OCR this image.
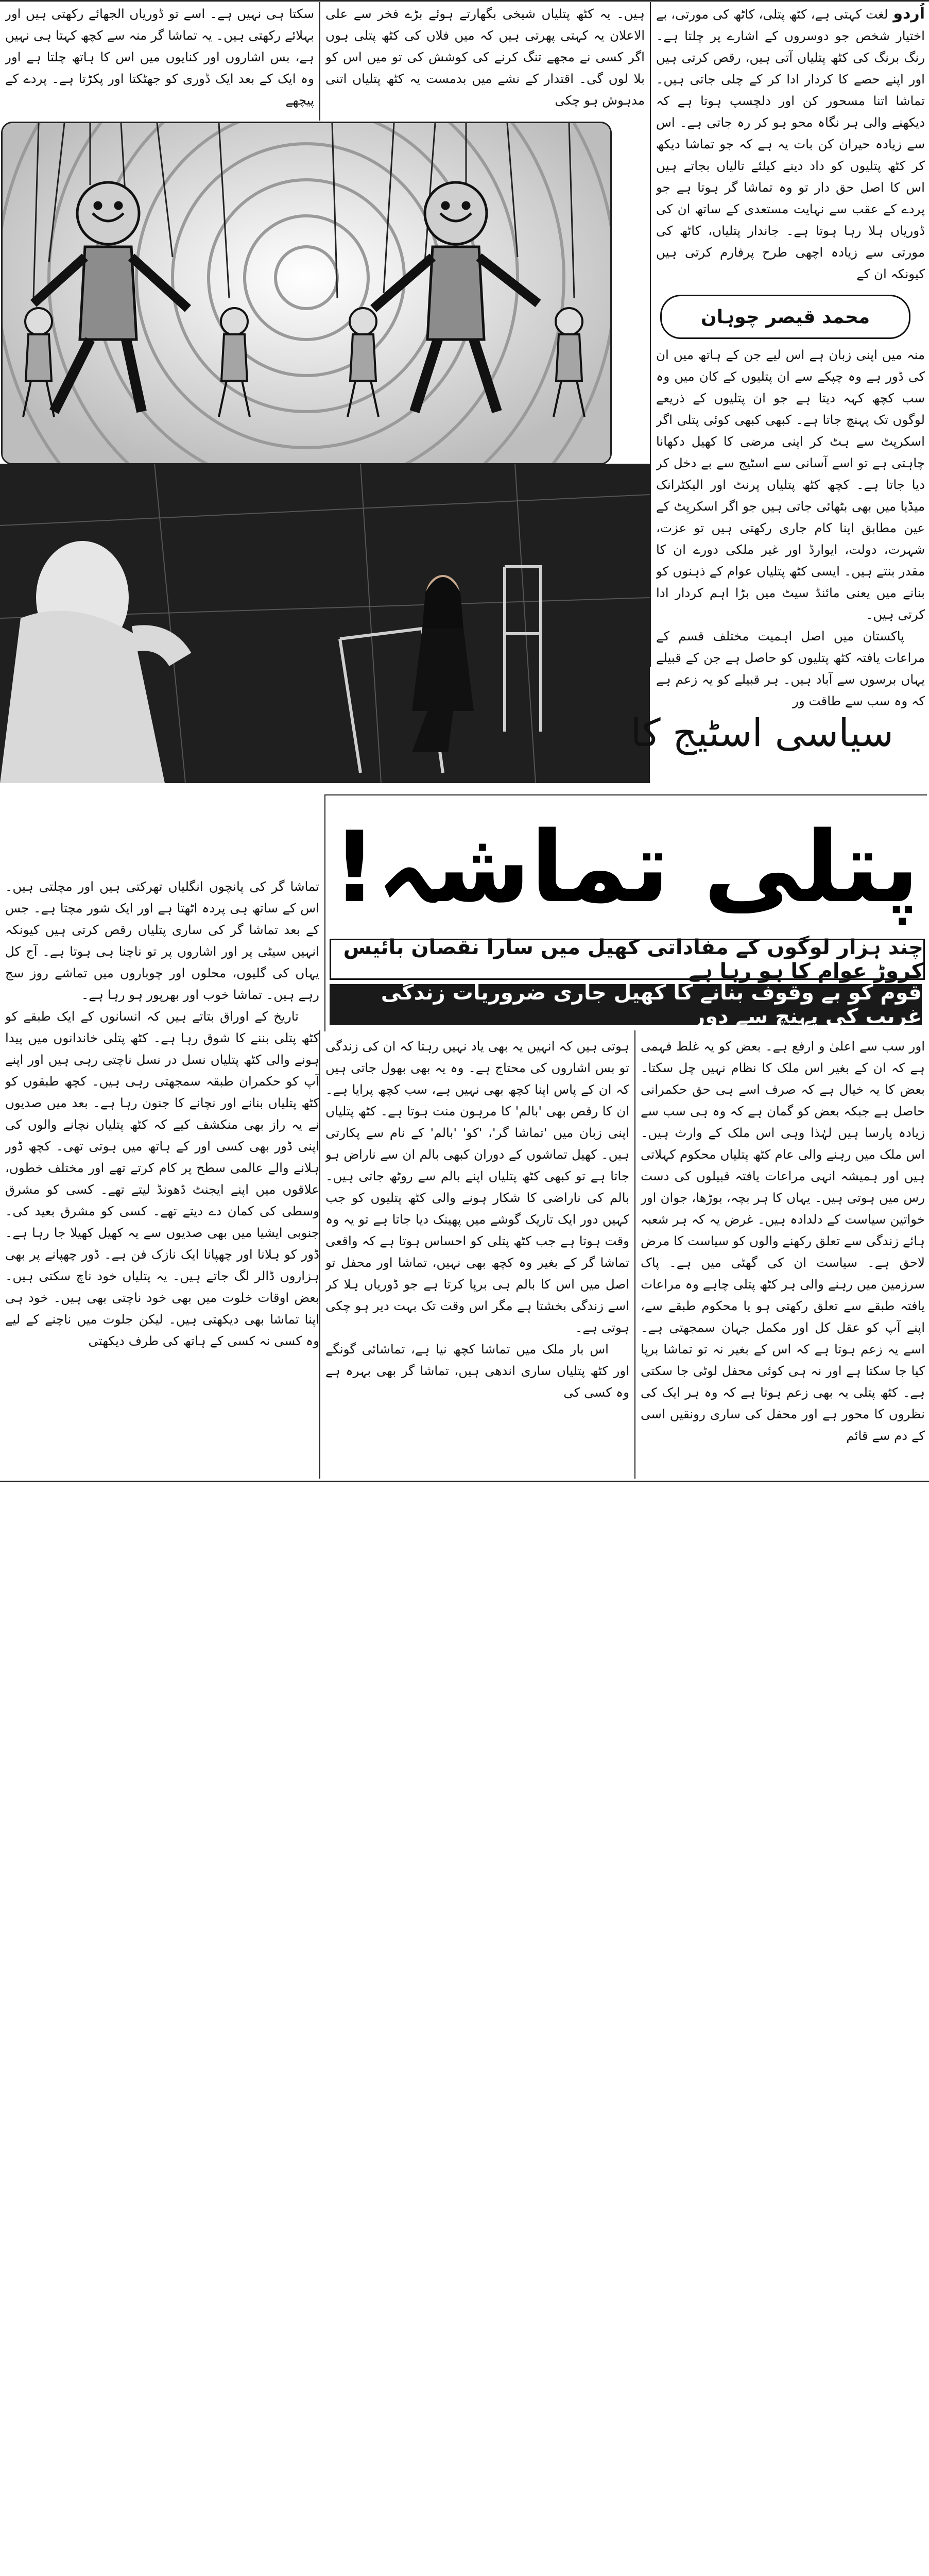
سکتا ہی نہیں ہے۔ اسے تو ڈوریاں الجھائے رکھتی ہیں اور بہلائے رکھتی ہیں۔ یہ تماشا گر منہ سے کچھ کہتا ہی نہیں ہے، بس اشاروں اور کنایوں میں اس کا ہاتھ چلتا ہے اور وہ ایک کے بعد ایک ڈوری کو جھٹکتا اور پکڑتا ہے۔ پردے کے پیچھے

ہیں۔ یہ کٹھ پتلیاں شیخی بگھارتے ہوئے بڑے فخر سے علی الاعلان یہ کہتی پھرتی ہیں کہ میں فلاں کی کٹھ پتلی ہوں اگر کسی نے مجھے تنگ کرنے کی کوشش کی تو میں اس کو بلا لوں گی۔ اقتدار کے نشے میں بدمست یہ کٹھ پتلیاں اتنی مدہوش ہو چکی

اُردولغت کہتی ہے، کٹھ پتلی، کاٹھ کی مورتی، بے اختیار شخص جو دوسروں کے اشارے پر چلتا ہے۔ رنگ برنگ کی کٹھ پتلیاں آتی ہیں، رقص کرتی ہیں اور اپنے حصے کا کردار ادا کر کے چلی جاتی ہیں۔ تماشا اتنا مسحور کن اور دلچسپ ہوتا ہے کہ دیکھنے والی ہر نگاہ محو ہو کر رہ جاتی ہے۔ اس سے زیادہ حیران کن بات یہ ہے کہ جو تماشا دیکھ کر کٹھ پتلیوں کو داد دینے کیلئے تالیاں بجاتے ہیں اس کا اصل حق دار تو وہ تماشا گر ہوتا ہے جو پردے کے عقب سے نہایت مستعدی کے ساتھ ان کی ڈوریاں ہلا رہا ہوتا ہے۔ جاندار پتلیاں، کاٹھ کی مورتی سے زیادہ اچھی طرح پرفارم کرتی ہیں کیونکہ ان کے

محمد قیصر چوہان

منہ میں اپنی زبان ہے اس لیے جن کے ہاتھ میں ان کی ڈور ہے وہ چپکے سے ان پتلیوں کے کان میں وہ سب کچھ کہہ دیتا ہے جو ان پتلیوں کے ذریعے لوگوں تک پہنچ جاتا ہے۔ کبھی کبھی کوئی پتلی اگر اسکرپٹ سے ہٹ کر اپنی مرضی کا کھیل دکھانا چاہتی ہے تو اسے آسانی سے اسٹیج سے بے دخل کر دیا جاتا ہے۔ کچھ کٹھ پتلیاں پرنٹ اور الیکٹرانک میڈیا میں بھی بٹھائی جاتی ہیں جو اگر اسکرپٹ کے عین مطابق اپنا کام جاری رکھتی ہیں تو عزت، شہرت، دولت، ایوارڈ اور غیر ملکی دورے ان کا مقدر بنتے ہیں۔ ایسی کٹھ پتلیاں عوام کے ذہنوں کو بنانے میں یعنی مائنڈ سیٹ میں بڑا اہم کردار ادا کرتی ہیں۔

پاکستان میں اصل اہمیت مختلف قسم کے مراعات یافتہ کٹھ پتلیوں کو حاصل ہے جن کے قبیلے یہاں برسوں سے آباد ہیں۔ ہر قبیلے کو یہ زعم ہے کہ وہ سب سے طاقت ور

سیاسی اسٹیج کا
پتلی تماشہ!
چند ہزار لوگوں کے مفاداتی کھیل میں سارا نقصان بائیس کروڑ عوام کا ہو رہا ہے
قوم کو بے وقوف بنانے کا کھیل جاری ضروریات زندگی غریب کی پہنچ سے دور

تماشا گر کی پانچوں انگلیاں تھرکتی ہیں اور مچلتی ہیں۔ اس کے ساتھ ہی پردہ اٹھتا ہے اور ایک شور مچتا ہے۔ جس کے بعد تماشا گر کی ساری پتلیاں رقص کرتی ہیں کیونکہ انہیں سیٹی پر اور اشاروں پر تو ناچنا ہی ہوتا ہے۔ آج کل یہاں کی گلیوں، محلوں اور چوباروں میں تماشے روز سج رہے ہیں۔ تماشا خوب اور بھرپور ہو رہا ہے۔

تاریخ کے اوراق بتاتے ہیں کہ انسانوں کے ایک طبقے کو کٹھ پتلی بننے کا شوق رہا ہے۔ کٹھ پتلی خاندانوں میں پیدا ہونے والی کٹھ پتلیاں نسل در نسل ناچتی رہی ہیں اور اپنے آپ کو حکمران طبقہ سمجھتی رہی ہیں۔ کچھ طبقوں کو کٹھ پتلیاں بنانے اور نچانے کا جنون رہا ہے۔ بعد میں صدیوں نے یہ راز بھی منکشف کیے کہ کٹھ پتلیاں نچانے والوں کی اپنی ڈور بھی کسی اور کے ہاتھ میں ہوتی تھی۔ کچھ ڈور ہلانے والے عالمی سطح پر کام کرتے تھے اور مختلف خطوں، علاقوں میں اپنے ایجنٹ ڈھونڈ لیتے تھے۔ کسی کو مشرق وسطی کی کمان دے دیتے تھے۔ کسی کو مشرق بعید کی۔ جنوبی ایشیا میں بھی صدیوں سے یہ کھیل کھیلا جا رہا ہے۔ ڈور کو ہلانا اور چھپانا ایک نازک فن ہے۔ ڈور چھپانے پر بھی ہزاروں ڈالر لگ جاتے ہیں۔ یہ پتلیاں خود ناچ سکتی ہیں۔ بعض اوقات خلوت میں بھی خود ناچتی بھی ہیں۔ خود ہی اپنا تماشا بھی دیکھتی ہیں۔ لیکن جلوت میں ناچنے کے لیے وہ کسی نہ کسی کے ہاتھ کی طرف دیکھتی

ہوتی ہیں کہ انہیں یہ بھی یاد نہیں رہتا کہ ان کی زندگی تو بس اشاروں کی محتاج ہے۔ وہ یہ بھی بھول جاتی ہیں کہ ان کے پاس اپنا کچھ بھی نہیں ہے، سب کچھ پرایا ہے۔ ان کا رقص بھی 'بالم' کا مرہون منت ہوتا ہے۔ کٹھ پتلیاں اپنی زبان میں 'تماشا گر'، 'کو' 'بالم' کے نام سے پکارتی ہیں۔ کھیل تماشوں کے دوران کبھی بالم ان سے ناراض ہو جاتا ہے تو کبھی کٹھ پتلیاں اپنے بالم سے روٹھ جاتی ہیں۔ بالم کی ناراضی کا شکار ہونے والی کٹھ پتلیوں کو جب کہیں دور ایک تاریک گوشے میں پھینک دیا جاتا ہے تو یہ وہ وقت ہوتا ہے جب کٹھ پتلی کو احساس ہوتا ہے کہ واقعی تماشا گر کے بغیر وہ کچھ بھی نہیں، تماشا اور محفل تو اصل میں اس کا بالم ہی برپا کرتا ہے جو ڈوریاں ہلا کر اسے زندگی بخشتا ہے مگر اس وقت تک بہت دیر ہو چکی ہوتی ہے۔

اس بار ملک میں تماشا کچھ نیا ہے، تماشائی گونگے اور کٹھ پتلیاں ساری اندھی ہیں، تماشا گر بھی بہرہ ہے وہ کسی کی

اور سب سے اعلیٰ و ارفع ہے۔ بعض کو یہ غلط فہمی ہے کہ ان کے بغیر اس ملک کا نظام نہیں چل سکتا۔ بعض کا یہ خیال ہے کہ صرف اسے ہی حق حکمرانی حاصل ہے جبکہ بعض کو گمان ہے کہ وہ ہی سب سے زیادہ پارسا ہیں لہٰذا وہی اس ملک کے وارث ہیں۔ اس ملک میں رہنے والی عام کٹھ پتلیاں محکوم کہلاتی ہیں اور ہمیشہ انہی مراعات یافتہ قبیلوں کی دست رس میں ہوتی ہیں۔ یہاں کا ہر بچہ، بوڑھا، جوان اور خواتین سیاست کے دلدادہ ہیں۔ غرض یہ کہ ہر شعبہ ہائے زندگی سے تعلق رکھنے والوں کو سیاست کا مرض لاحق ہے۔ سیاست ان کی گھٹی میں ہے۔ پاک سرزمین میں رہنے والی ہر کٹھ پتلی چاہے وہ مراعات یافتہ طبقے سے تعلق رکھتی ہو یا محکوم طبقے سے، اپنے آپ کو عقل کل اور مکمل جہان سمجھتی ہے۔ اسے یہ زعم ہوتا ہے کہ اس کے بغیر نہ تو تماشا برپا کیا جا سکتا ہے اور نہ ہی کوئی محفل لوٹی جا سکتی ہے۔ کٹھ پتلی یہ بھی زعم ہوتا ہے کہ وہ ہر ایک کی نظروں کا محور ہے اور محفل کی ساری رونقیں اسی کے دم سے قائم
